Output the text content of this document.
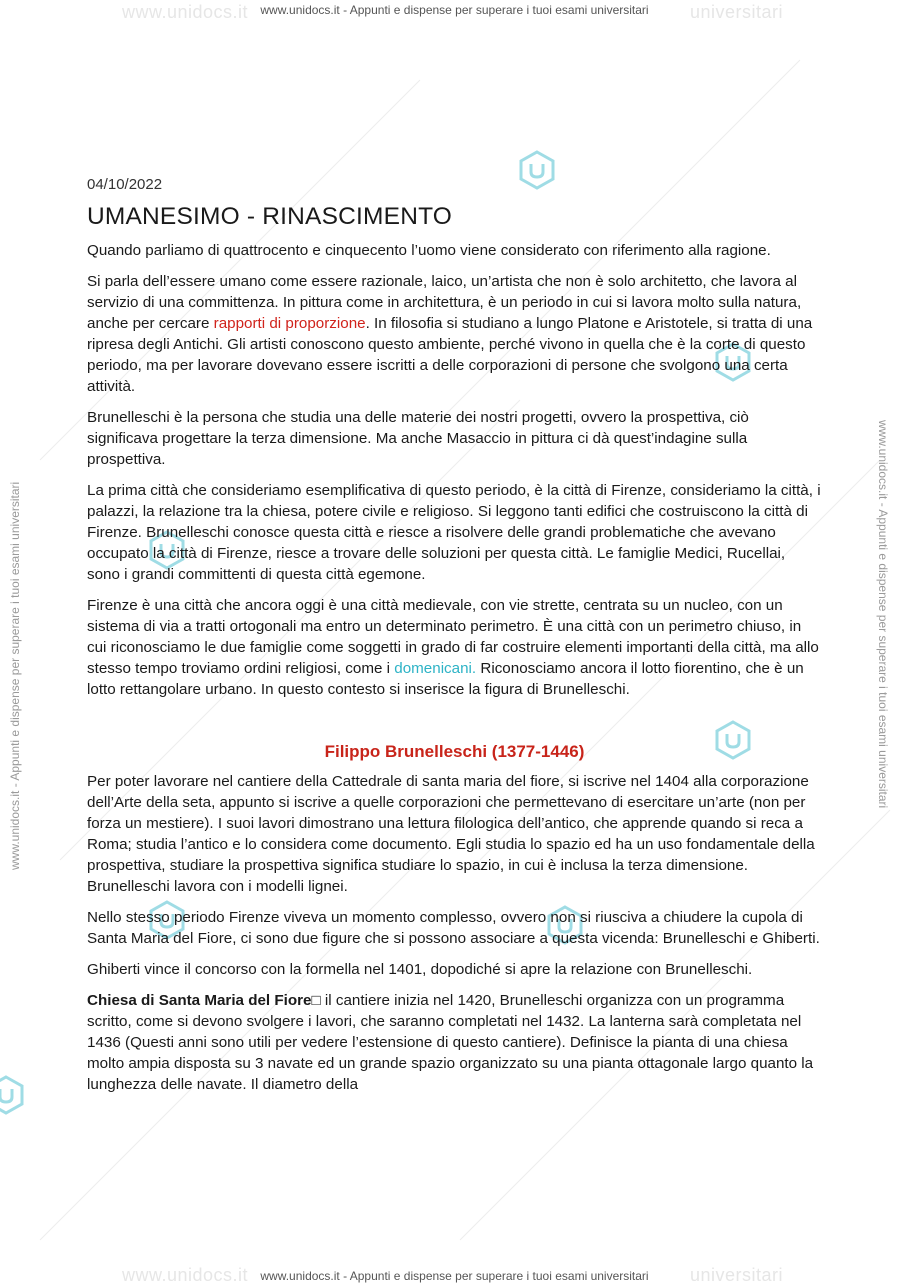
www.unidocs.it	universitari
www.unidocs.it	universitari
www.unidocs.it - Appunti e dispense per superare i tuoi esami universitari
www.unidocs.it - Appunti e dispense per superare i tuoi esami universitari
www.unidocs.it - Appunti e dispense per superare i tuoi esami universitari	www.unidocs.it - Appunti e dispense per superare i tuoi esami universitari
04/10/2022
UMANESIMO - RINASCIMENTO

Quando parliamo di quattrocento e cinquecento l’uomo viene considerato con riferimento alla ragione.

Si parla dell’essere umano come essere razionale, laico, un’artista che non è solo architetto, che lavora al servizio di una committenza. In pittura come in architettura, è un periodo in cui si lavora molto sulla natura, anche per cercare rapporti di proporzione. In filosofia si studiano a lungo Platone e Aristotele, si tratta di una ripresa degli Antichi. Gli artisti conoscono questo ambiente, perché vivono in quella che è la corte di questo periodo, ma per lavorare dovevano essere iscritti a delle corporazioni di persone che svolgono una certa attività.

Brunelleschi è la persona che studia una delle materie dei nostri progetti, ovvero la prospettiva, ciò significava progettare la terza dimensione. Ma anche Masaccio in pittura ci dà quest’indagine sulla prospettiva.

La prima città che consideriamo esemplificativa di questo periodo, è la città di Firenze, consideriamo la città, i palazzi, la relazione tra la chiesa, potere civile e religioso. Si leggono tanti edifici che costruiscono la città di Firenze. Brunelleschi conosce questa città e riesce a risolvere delle grandi problematiche che avevano occupato la città di Firenze, riesce a trovare delle soluzioni per questa città. Le famiglie Medici, Rucellai, sono i grandi committenti di questa città egemone.

Firenze è una città che ancora oggi è una città medievale, con vie strette, centrata su un nucleo, con un sistema di via a tratti ortogonali ma entro un determinato perimetro. È una città con un perimetro chiuso, in cui riconosciamo le due famiglie come soggetti in grado di far costruire elementi importanti della città, ma allo stesso tempo troviamo ordini religiosi, come i domenicani. Riconosciamo ancora il lotto fiorentino, che è un lotto rettangolare urbano. In questo contesto si inserisce la figura di Brunelleschi.

Filippo Brunelleschi (1377-1446)

Per poter lavorare nel cantiere della Cattedrale di santa maria del fiore, si iscrive nel 1404 alla corporazione dell’Arte della seta, appunto si iscrive a quelle corporazioni che permettevano di esercitare un’arte (non per forza un mestiere). I suoi lavori dimostrano una lettura filologica dell’antico, che apprende quando si reca a Roma; studia l’antico e lo considera come documento. Egli studia lo spazio ed ha un uso fondamentale della prospettiva, studiare la prospettiva significa studiare lo spazio, in cui è inclusa la terza dimensione. Brunelleschi lavora con i modelli lignei.

Nello stesso periodo Firenze viveva un momento complesso, ovvero non si riusciva a chiudere la cupola di Santa Maria del Fiore, ci sono due figure che si possono associare a questa vicenda: Brunelleschi e Ghiberti.

Ghiberti vince il concorso con la formella nel 1401, dopodiché si apre la relazione con Brunelleschi.

Chiesa di Santa Maria del Fiore□ il cantiere inizia nel 1420, Brunelleschi organizza con un programma scritto, come si devono svolgere i lavori, che saranno completati nel 1432. La lanterna sarà completata nel 1436 (Questi anni sono utili per vedere l’estensione di questo cantiere). Definisce la pianta di una chiesa molto ampia disposta su 3 navate ed un grande spazio organizzato su una pianta ottagonale largo quanto la lunghezza delle navate. Il diametro della
